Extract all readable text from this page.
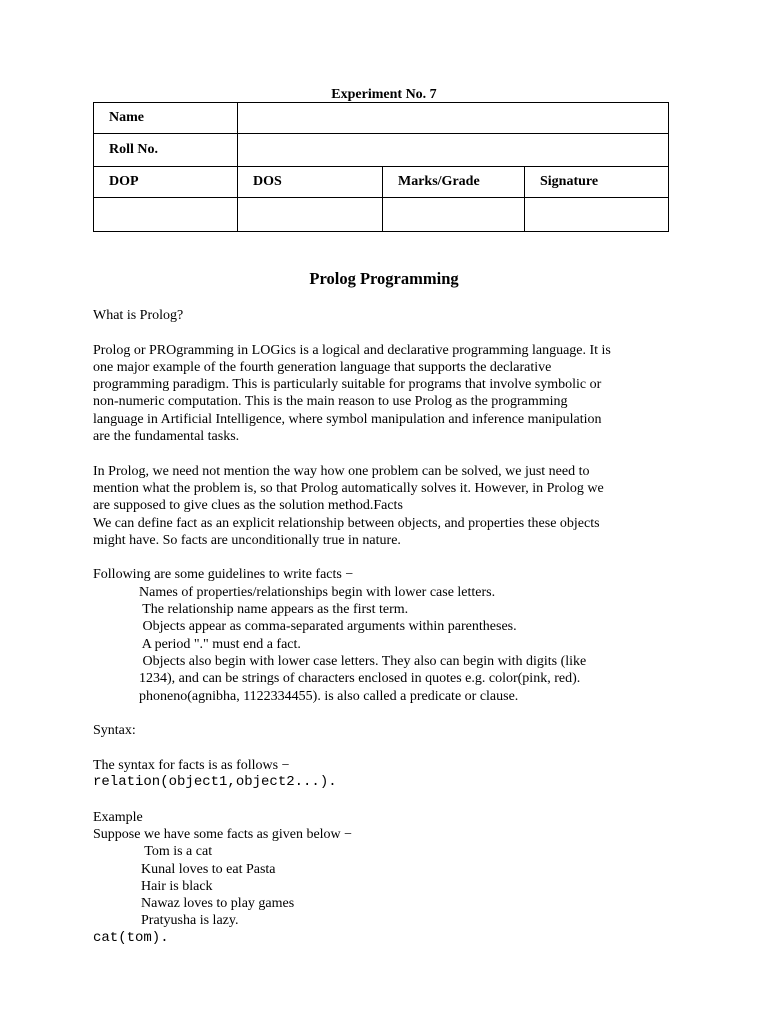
Experiment No. 7
Name			
Roll No.			
DOP	DOS	Marks/Grade	Signature

Prolog Programming
What is Prolog?
Prolog or PROgramming in LOGics is a logical and declarative programming language. It is
one major example of the fourth generation language that supports the declarative
programming paradigm. This is particularly suitable for programs that involve symbolic or
non-numeric computation. This is the main reason to use Prolog as the programming
language in Artificial Intelligence, where symbol manipulation and inference manipulation
are the fundamental tasks.
In Prolog, we need not mention the way how one problem can be solved, we just need to
mention what the problem is, so that Prolog automatically solves it. However, in Prolog we
are supposed to give clues as the solution method.Facts
We can define fact as an explicit relationship between objects, and properties these objects
might have. So facts are unconditionally true in nature.
Following are some guidelines to write facts −
Names of properties/relationships begin with lower case letters.
The relationship name appears as the first term.
Objects appear as comma-separated arguments within parentheses.
A period "." must end a fact.
Objects also begin with lower case letters. They also can begin with digits (like
1234), and can be strings of characters enclosed in quotes e.g. color(pink, red).
phoneno(agnibha, 1122334455). is also called a predicate or clause.
Syntax:
The syntax for facts is as follows −
relation(object1,object2...).
Example
Suppose we have some facts as given below −
Tom is a cat
Kunal loves to eat Pasta
Hair is black
Nawaz loves to play games
Pratyusha is lazy.
cat(tom).
